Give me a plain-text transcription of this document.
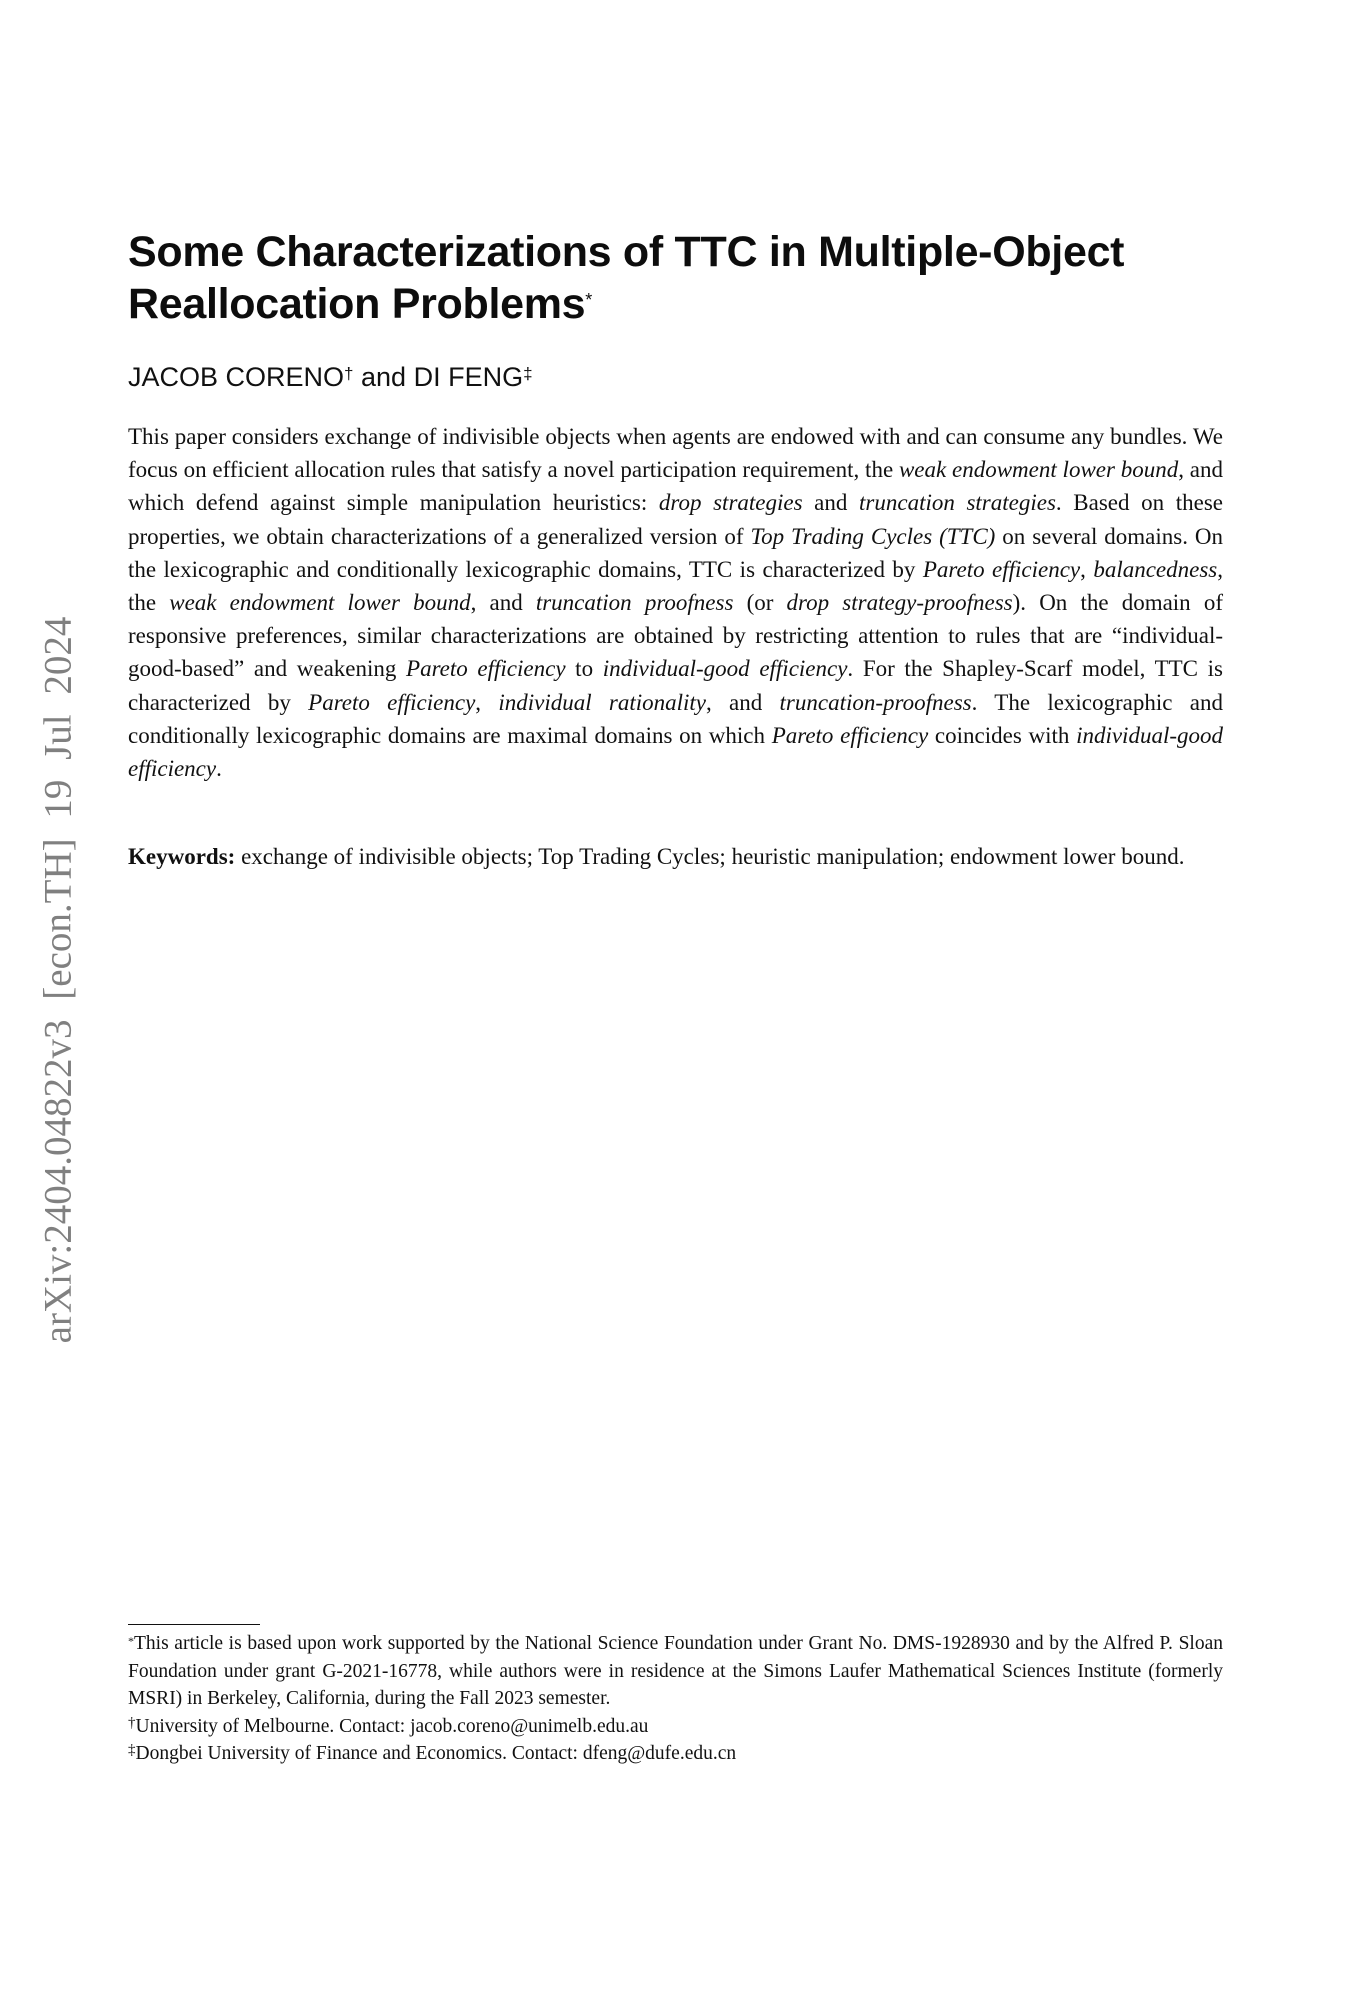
arXiv:2404.04822v3 [econ.TH] 19 Jul 2024
Some Characterizations of TTC in Multiple-Object
Reallocation Problems*
JACOB CORENO† and DI FENG‡

This paper considers exchange of indivisible objects when agents are endowed with and can consume any bundles. We focus on efficient allocation rules that satisfy a novel participation requirement, the weak endowment lower bound, and which defend against simple manipulation heuristics: drop strategies and truncation strategies. Based on these properties, we obtain characterizations of a generalized version of Top Trading Cycles (TTC) on several domains. On the lexicographic and conditionally lexicographic domains, TTC is characterized by Pareto efficiency, balancedness, the weak endowment lower bound, and truncation proofness (or drop strategy-proofness). On the domain of responsive preferences, similar characterizations are obtained by restricting attention to rules that are “individual-good-based” and weakening Pareto efficiency to individual-good efficiency. For the Shapley-Scarf model, TTC is characterized by Pareto efficiency, individual rationality, and truncation-proofness. The lexicographic and conditionally lexicographic domains are maximal domains on which Pareto efficiency coincides with individual-good efficiency.

Keywords: exchange of indivisible objects; Top Trading Cycles; heuristic manipulation; endowment lower bound.

*This article is based upon work supported by the National Science Foundation under Grant No. DMS-1928930 and by the Alfred P. Sloan Foundation under grant G-2021-16778, while authors were in residence at the Simons Laufer Mathematical Sciences Institute (formerly MSRI) in Berkeley, California, during the Fall 2023 semester.

†University of Melbourne. Contact: jacob.coreno@unimelb.edu.au

‡Dongbei University of Finance and Economics. Contact: dfeng@dufe.edu.cn
